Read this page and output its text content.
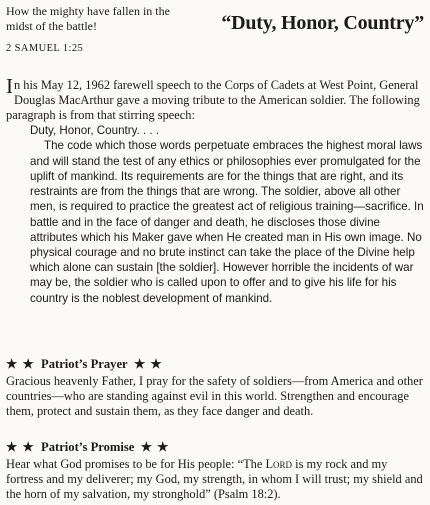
How the mighty have fallen in the midst of the battle!
2 SAMUEL 1:25
“Duty, Honor, Country”

In his May 12, 1962 farewell speech to the Corps of Cadets at West Point, General Douglas MacArthur gave a moving tribute to the American soldier. The following paragraph is from that stirring speech:

Duty, Honor, Country. . . .

The code which those words perpetuate embraces the highest moral laws and will stand the test of any ethics or philosophies ever promulgated for the uplift of mankind. Its requirements are for the things that are right, and its restraints are from the things that are wrong. The soldier, above all other men, is required to practice the greatest act of religious training—sacrifice. In battle and in the face of danger and death, he discloses those divine attributes which his Maker gave when He created man in His own image. No physical courage and no brute instinct can take the place of the Divine help which alone can sustain [the soldier]. However horrible the incidents of war may be, the soldier who is called upon to offer and to give his life for his country is the noblest development of mankind.

★ ★ Patriot’s Prayer ★ ★

Gracious heavenly Father, I pray for the safety of soldiers—from America and other countries—who are standing against evil in this world. Strengthen and encourage them, protect and sustain them, as they face danger and death.

★ ★ Patriot’s Promise ★ ★

Hear what God promises to be for His people: “The Lord is my rock and my fortress and my deliverer; my God, my strength, in whom I will trust; my shield and the horn of my salvation, my stronghold” (Psalm 18:2).
